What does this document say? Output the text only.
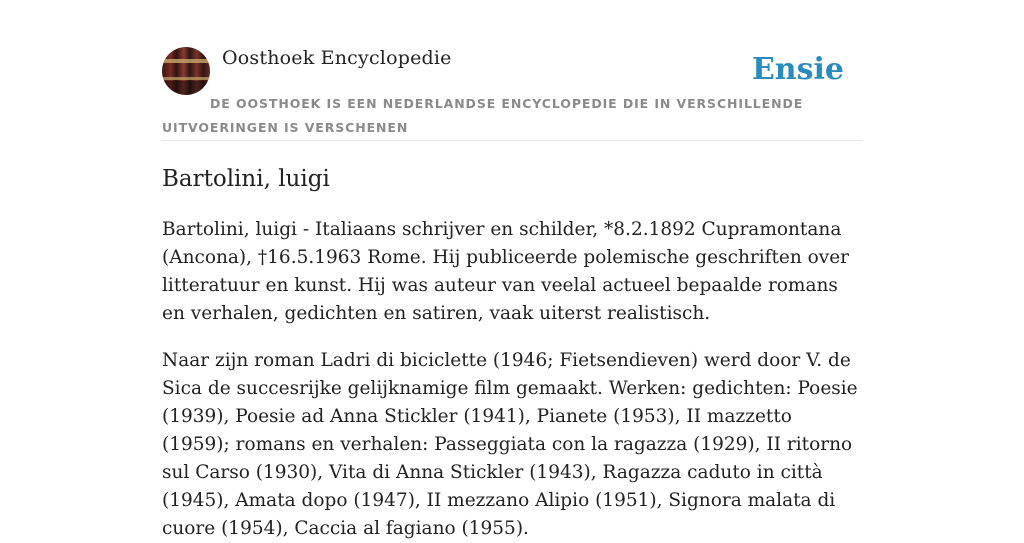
Oosthoek Encyclopedie	Ensie
DE OOSTHOEK IS EEN NEDERLANDSE ENCYCLOPEDIE DIE IN VERSCHILLENDE UITVOERINGEN IS VERSCHENEN
Bartolini, luigi

Bartolini, luigi - Italiaans schrijver en schilder, *8.2.1892 Cupramontana (Ancona), †16.5.1963 Rome. Hij publiceerde polemische geschriften over litteratuur en kunst. Hij was auteur van veelal actueel bepaalde romans en verhalen, gedichten en satiren, vaak uiterst realistisch.

Naar zijn roman Ladri di biciclette (1946; Fietsendieven) werd door V. de Sica de succesrijke gelijknamige film gemaakt. Werken: gedichten: Poesie (1939), Poesie ad Anna Stickler (1941), Pianete (1953), II mazzetto (1959); romans en verhalen: Passeggiata con la ragazza (1929), II ritorno sul Carso (1930), Vita di Anna Stickler (1943), Ragazza caduto in città (1945), Amata dopo (1947), II mezzano Alipio (1951), Signora malata di cuore (1954), Caccia al fagiano (1955).
